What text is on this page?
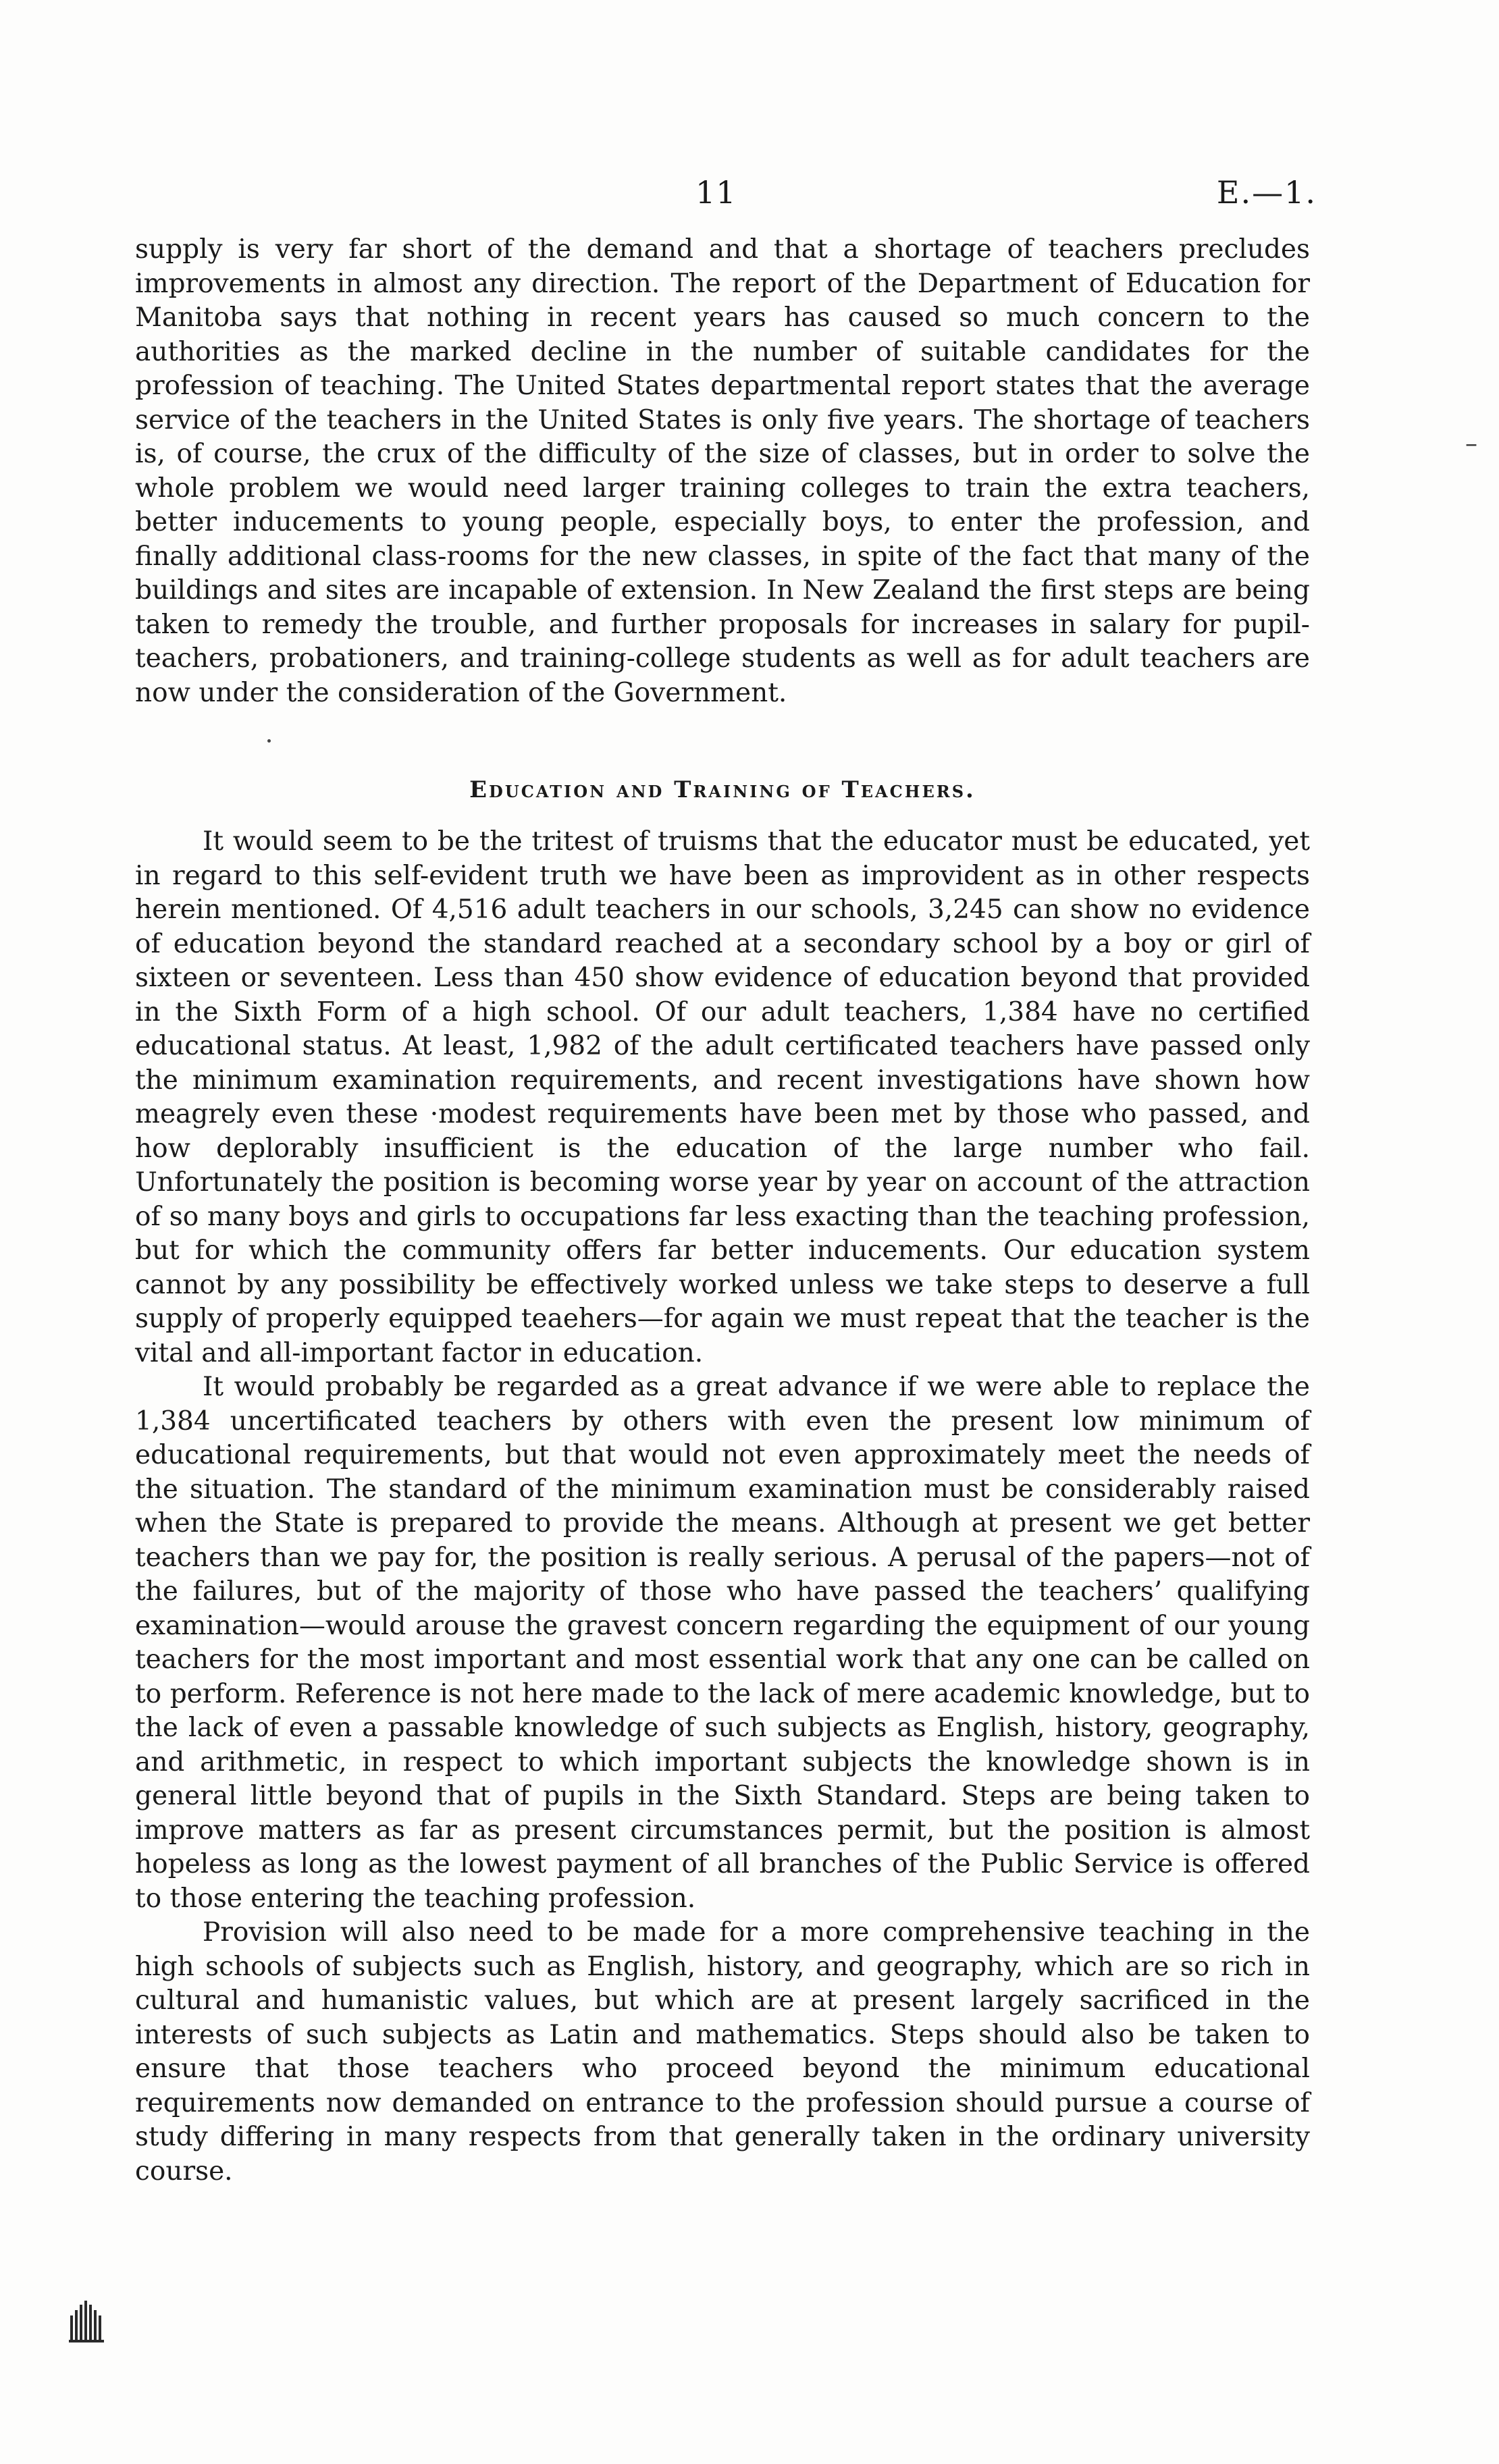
11	E.—1.
–

supply is very far short of the demand and that a shortage of teachers precludes improvements in almost any direction. The report of the Department of Education for Manitoba says that nothing in recent years has caused so much concern to the authorities as the marked decline in the number of suitable candidates for the profession of teaching. The United States departmental report states that the average service of the teachers in the United States is only five years. The shortage of teachers is, of course, the crux of the difficulty of the size of classes, but in order to solve the whole problem we would need larger training colleges to train the extra teachers, better inducements to young people, especially boys, to enter the profession, and finally additional class-rooms for the new classes, in spite of the fact that many of the buildings and sites are incapable of extension. In New Zealand the first steps are being taken to remedy the trouble, and further proposals for increases in salary for pupil-teachers, probationers, and training-college students as well as for adult teachers are now under the consideration of the Government.

Education and Training of Teachers.

It would seem to be the tritest of truisms that the educator must be educated, yet in regard to this self-evident truth we have been as improvident as in other respects herein mentioned. Of 4,516 adult teachers in our schools, 3,245 can show no evidence of education beyond the standard reached at a secondary school by a boy or girl of sixteen or seventeen. Less than 450 show evidence of education beyond that provided in the Sixth Form of a high school. Of our adult teachers, 1,384 have no certified educational status. At least, 1,982 of the adult certificated teachers have passed only the minimum examination requirements, and recent investigations have shown how meagrely even these ·modest requirements have been met by those who passed, and how deplorably insufficient is the education of the large number who fail. Unfortunately the position is becoming worse year by year on account of the attraction of so many boys and girls to occupations far less exacting than the teaching profession, but for which the community offers far better inducements. Our education system cannot by any possibility be effectively worked unless we take steps to deserve a full supply of properly equipped teaehers—for again we must repeat that the teacher is the vital and all-important factor in education.

It would probably be regarded as a great advance if we were able to replace the 1,384 uncertificated teachers by others with even the present low minimum of educational requirements, but that would not even approximately meet the needs of the situation. The standard of the minimum examination must be considerably raised when the State is prepared to provide the means. Although at present we get better teachers than we pay for, the position is really serious. A perusal of the papers—not of the failures, but of the majority of those who have passed the teachers’ qualifying examination—would arouse the gravest concern regarding the equipment of our young teachers for the most important and most essential work that any one can be called on to perform. Reference is not here made to the lack of mere academic knowledge, but to the lack of even a passable knowledge of such subjects as English, history, geography, and arithmetic, in respect to which important subjects the knowledge shown is in general little beyond that of pupils in the Sixth Standard. Steps are being taken to improve matters as far as present circumstances permit, but the position is almost hopeless as long as the lowest payment of all branches of the Public Service is offered to those entering the teaching profession.

Provision will also need to be made for a more comprehensive teaching in the high schools of subjects such as English, history, and geography, which are so rich in cultural and humanistic values, but which are at present largely sacrificed in the interests of such subjects as Latin and mathematics. Steps should also be taken to ensure that those teachers who proceed beyond the minimum educational requirements now demanded on entrance to the profession should pursue a course of study differing in many respects from that generally taken in the ordinary university course.
